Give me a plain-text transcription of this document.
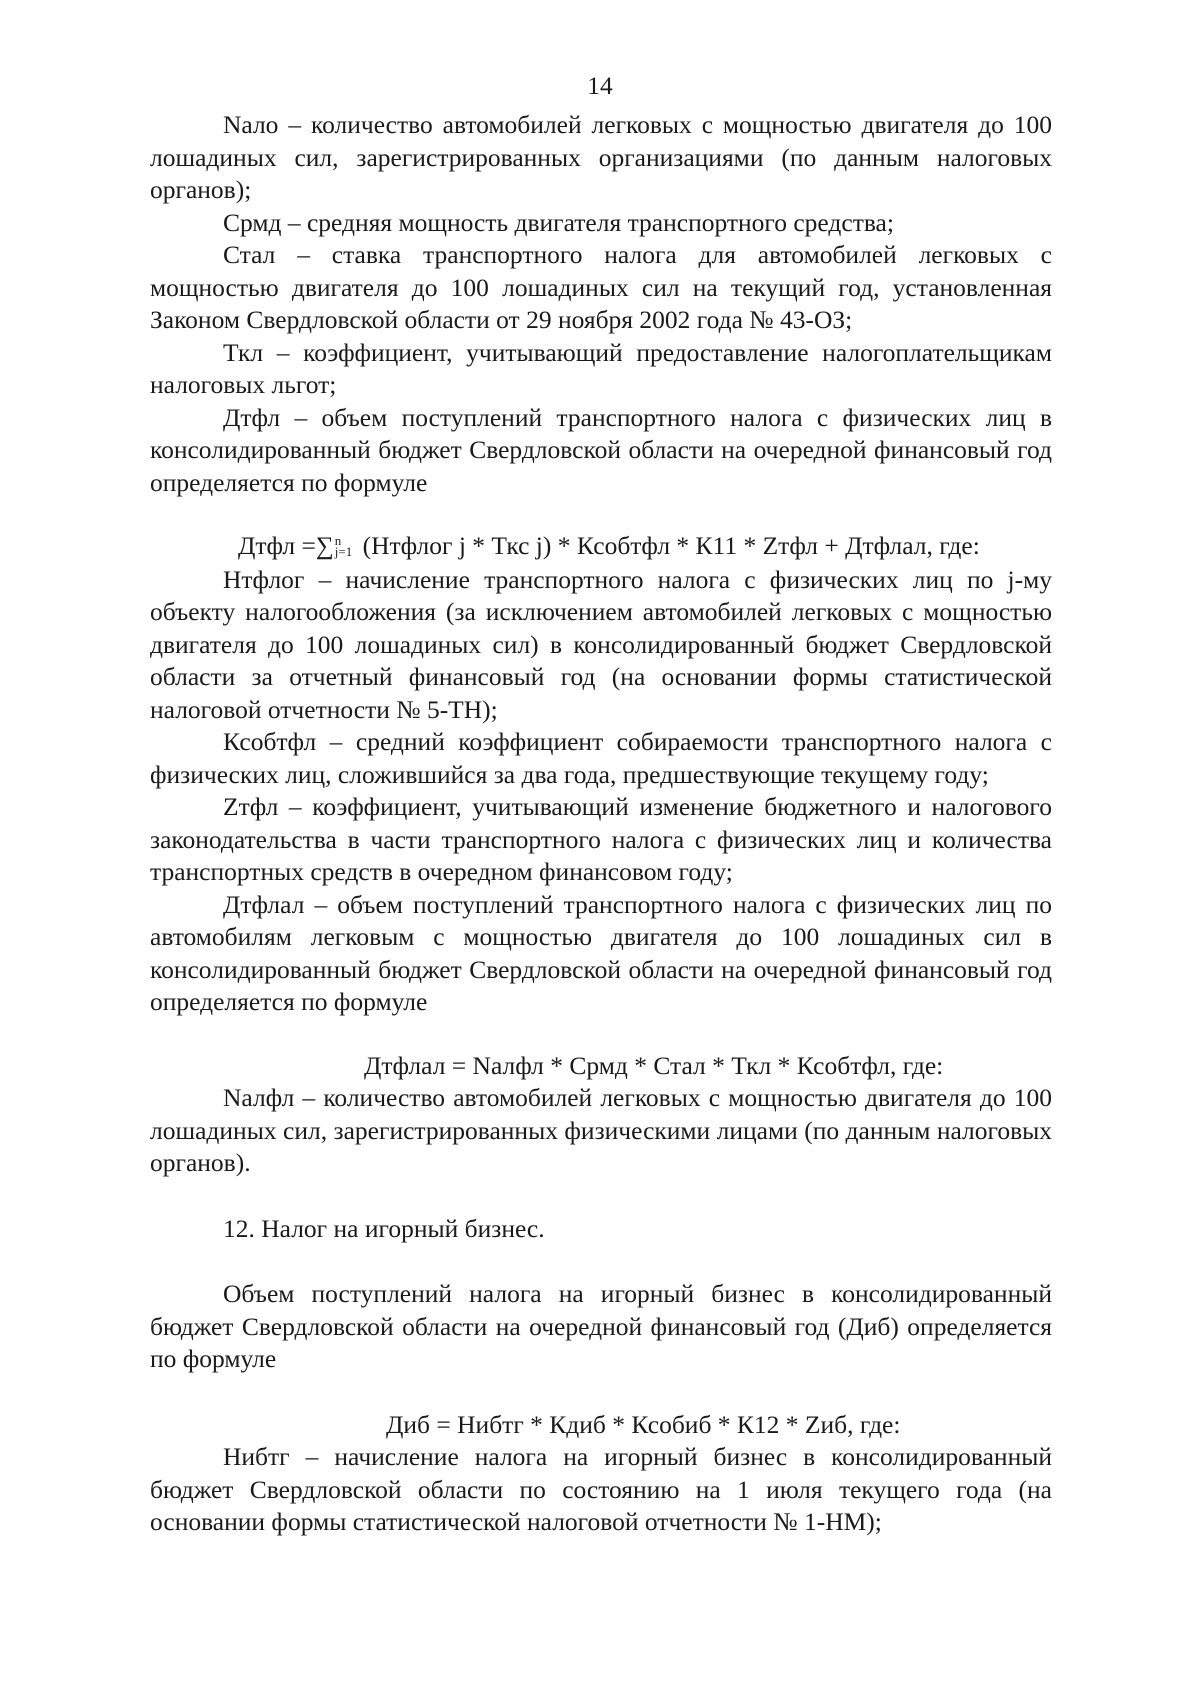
14

Nало – количество автомобилей легковых с мощностью двигателя до 100 лошадиных сил, зарегистрированных организациями (по данным налоговых органов);

Срмд – средняя мощность двигателя транспортного средства;

Стал – ставка транспортного налога для автомобилей легковых с мощностью двигателя до 100 лошадиных сил на текущий год, установленная Законом Свердловской области от 29 ноября 2002 года № 43-ОЗ;

Ткл – коэффициент, учитывающий предоставление налогоплательщикам налоговых льгот;

Дтфл – объем поступлений транспортного налога с физических лиц в консолидированный бюджет Свердловской области на очередной финансовый год определяется по формуле

Дтфл =∑ n
j=1 (Нтфлог j * Ткс j) * Ксобтфл * К11 * Zтфл + Дтфлал, где:

Нтфлог – начисление транспортного налога с физических лиц по j-му объекту налогообложения (за исключением автомобилей легковых с мощностью двигателя до 100 лошадиных сил) в консолидированный бюджет Свердловской области за отчетный финансовый год (на основании формы статистической налоговой отчетности № 5-ТН);

Ксобтфл – средний коэффициент собираемости транспортного налога с физических лиц, сложившийся за два года, предшествующие текущему году;

Zтфл – коэффициент, учитывающий изменение бюджетного и налогового законодательства в части транспортного налога с физических лиц и количества транспортных средств в очередном финансовом году;

Дтфлал – объем поступлений транспортного налога с физических лиц по автомобилям легковым с мощностью двигателя до 100 лошадиных сил в консолидированный бюджет Свердловской области на очередной финансовый год определяется по формуле

Дтфлал = Nалфл * Срмд * Стал * Ткл * Ксобтфл, где:

Nалфл – количество автомобилей легковых с мощностью двигателя до 100 лошадиных сил, зарегистрированных физическими лицами (по данным налоговых органов).

12. Налог на игорный бизнес.

Объем поступлений налога на игорный бизнес в консолидированный бюджет Свердловской области на очередной финансовый год (Диб) определяется по формуле

Диб = Нибтг * Кдиб * Ксобиб * К12 * Zиб, где:

Нибтг – начисление налога на игорный бизнес в консолидированный бюджет Свердловской области по состоянию на 1 июля текущего года (на основании формы статистической налоговой отчетности № 1-НМ);
